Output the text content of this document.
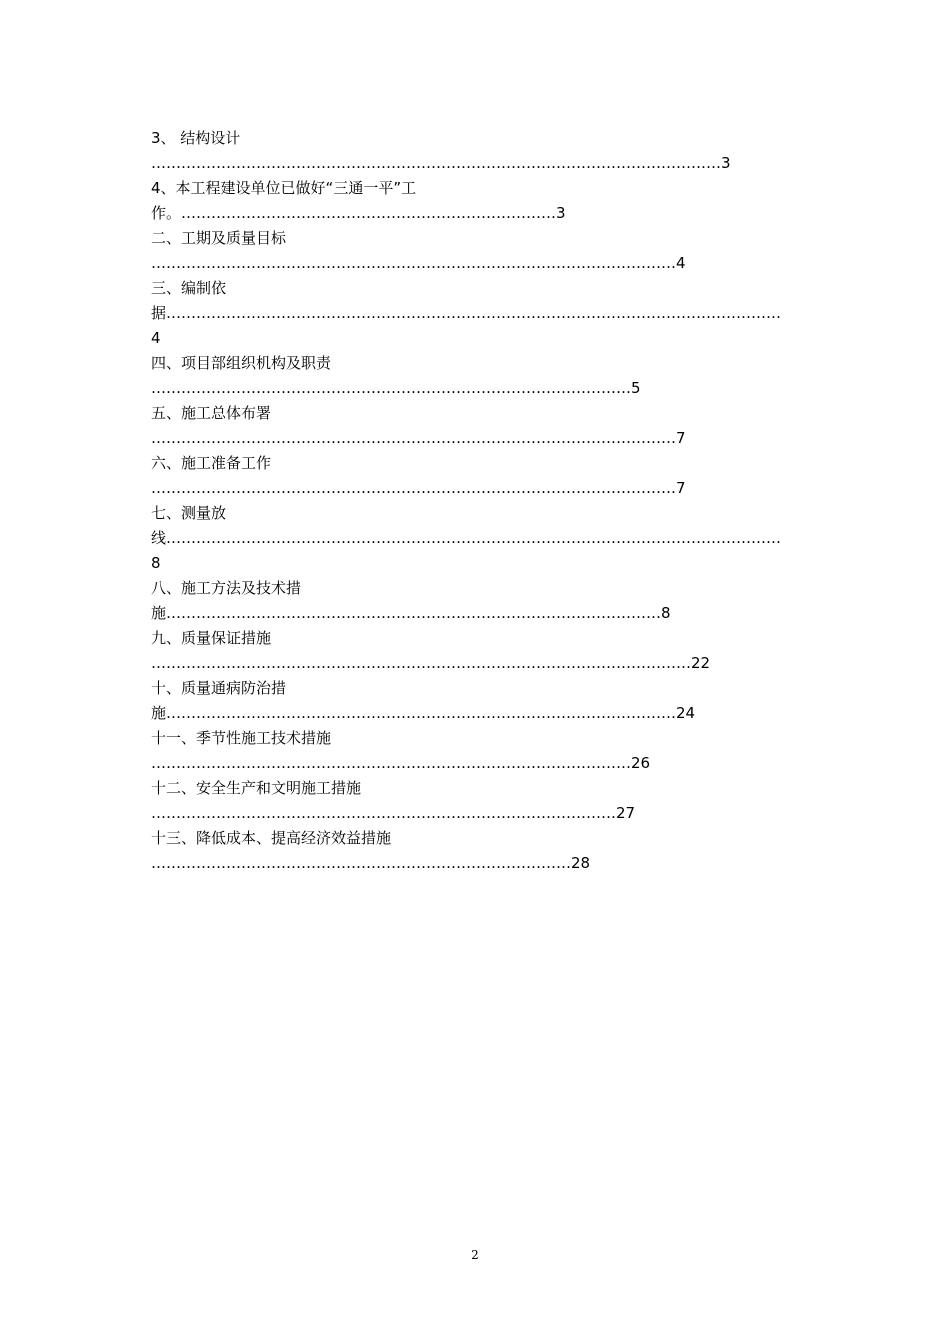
3、 结构设计
……………………………………………………………………………………………………3
4、本工程建设单位已做好“三通一平”工
作。…………………………………………………………………3
二、工期及质量目标
……………………………………………………………………………………………4
三、编制依
据……………………………………………………………………………………………………………
4
四、项目部组织机构及职责
……………………………………………………………………………………5
五、施工总体布署
……………………………………………………………………………………………7
六、施工准备工作
……………………………………………………………………………………………7
七、测量放
线……………………………………………………………………………………………………………
8
八、施工方法及技术措
施………………………………………………………………………………………8
九、质量保证措施
………………………………………………………………………………………………22
十、质量通病防治措
施…………………………………………………………………………………………24
十一、季节性施工技术措施
……………………………………………………………………………………26
十二、安全生产和文明施工措施
…………………………………………………………………………………27
十三、降低成本、提高经济效益措施
…………………………………………………………………………28
2
